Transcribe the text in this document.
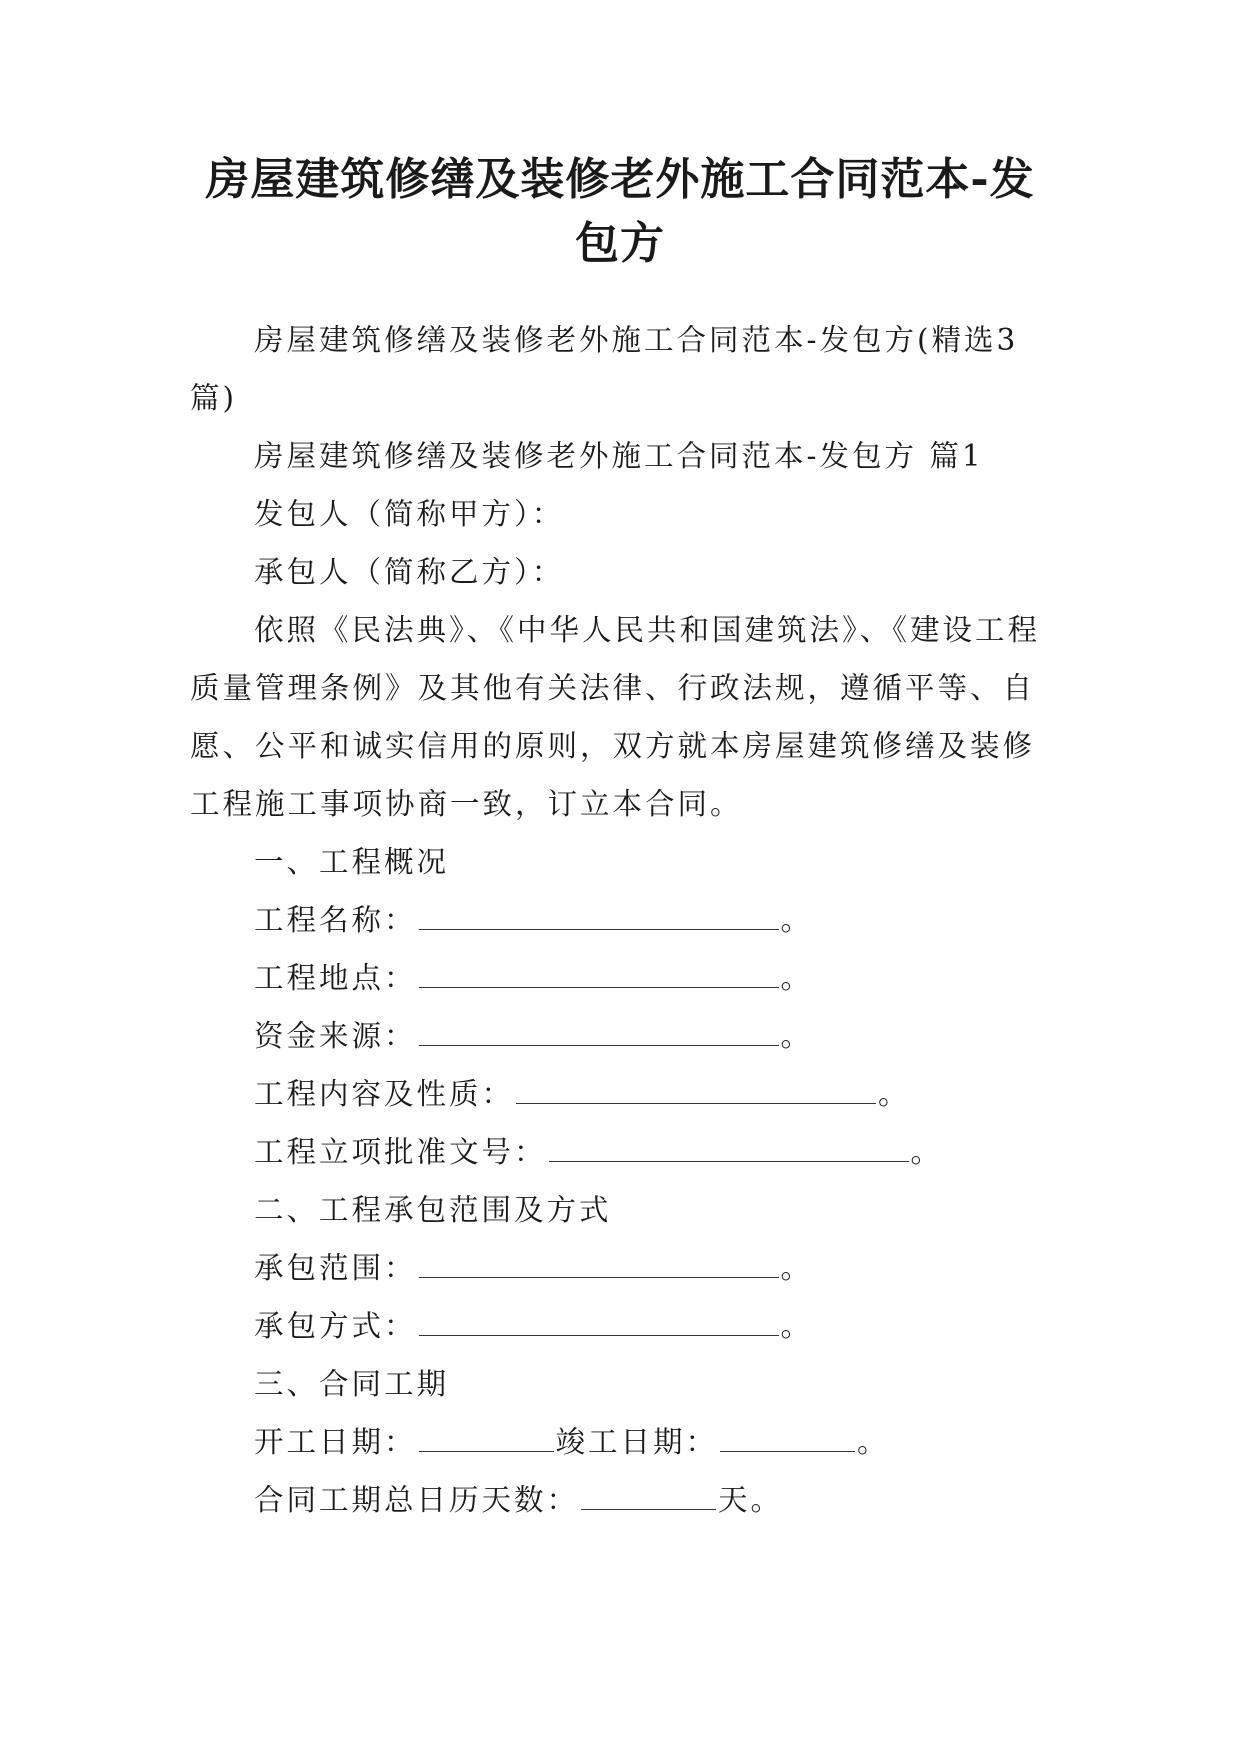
房屋建筑修缮及装修老外施工合同范本-发包方

房屋建筑修缮及装修老外施工合同范本-发包方(精选3篇)

房屋建筑修缮及装修老外施工合同范本-发包方 篇1

发包人（简称甲方）：

承包人（简称乙方）：

依照《民法典》、《中华人民共和国建筑法》、《建设工程质量管理条例》及其他有关法律、行政法规，遵循平等、自愿、公平和诚实信用的原则，双方就本房屋建筑修缮及装修工程施工事项协商一致，订立本合同。

一、工程概况

工程名称：	。

工程地点：	。

资金来源：	。

工程内容及性质：	。

工程立项批准文号：	。

二、工程承包范围及方式

承包范围：	。

承包方式：	。

三、合同工期

开工日期：	竣工日期：	。

合同工期总日历天数：	天。
